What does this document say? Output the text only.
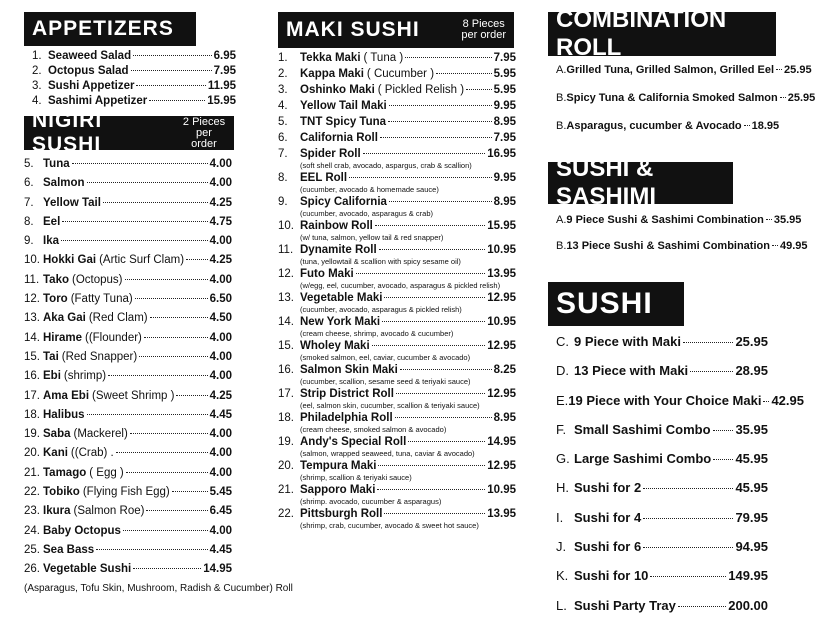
APPETIZERS
1. Seaweed Salad	6.95
2. Octopus Salad	7.95
3. Sushi Appetizer	11.95
4. Sashimi Appetizer	15.95
NIGIRI SUSHI
2 Pieces
per order
5. Tuna	4.00
6. Salmon	4.00
7. Yellow Tail	4.25
8. Eel	4.75
9. Ika	4.00
10. Hokki Gai (Artic Surf Clam) 4.25
11. Tako (Octopus)	4.00
12. Toro (Fatty Tuna)	6.50
13. Aka Gai (Red Clam)	4.50
14. Hirame ((Flounder)	4.00
15. Tai (Red Snapper)	4.00
16. Ebi (shrimp)	4.00
17. Ama Ebi (Sweet Shrimp )	4.25
18. Halibus	4.45
19. Saba (Mackerel)	4.00
20. Kani ((Crab) .	4.00
21. Tamago ( Egg )	4.00
22. Tobiko (Flying Fish Egg)	5.45
23. Ikura (Salmon Roe)	6.45
24. Baby Octopus	4.00
25. Sea Bass	4.45
26. Vegetable Sushi	14.95
(Asparagus, Tofu Skin, Mushroom, Radish & Cucumber) Roll
MAKI SUSHI	8 Pieces
per order
1.	Tekka Maki ( Tuna )	7.95
2.	Kappa Maki ( Cucumber )	5.95
3.	Oshinko Maki ( Pickled Relish )	5.95
4.	Yellow Tail Maki	9.95
5.	TNT Spicy Tuna	8.95
6.	California Roll	7.95
7.	Spider Roll	16.95
(soft shell crab, avocado, aspargus, crab & scallion)
8.	EEL Roll	9.95
(cucumber, avocado & homemade sauce)
9.	Spicy California	8.95
(cucumber, avocado, asparagus & crab)
10. Rainbow Roll	15.95
(w/ tuna, salmon, yellow tail & red snapper)
11. Dynamite Roll	10.95
(tuna, yellowtail & scallion with spicy sesame oil)
12. Futo Maki	13.95
(w/egg, eel, cucumber, avocado, asparagus & pickled relish)
13. Vegetable Maki	12.95
(cucumber, avocado, asparagus & pickled relish)
14. New York Maki	10.95
(cream cheese, shrimp, avocado & cucumber)
15. Wholey Maki	12.95
(smoked salmon, eel, caviar, cucumber & avocado)
16. Salmon Skin Maki	8.25
(cucumber, scallion, sesame seed & teriyaki sauce)
17. Strip District Roll	12.95
(eel, salmon skin, cucumber, scallion & teriyaki sauce)
18. Philadelphia Roll	8.95
(cream cheese, smoked salmon & avocado)
19. Andy's Special Roll	14.95
(salmon, wrapped seaweed, tuna, caviar & avocado)
20. Tempura Maki	12.95
(shrimp, scallion & teriyaki sauce)
21. Sapporo Maki	10.95
(shrimp. avocado, cucumber & asparagus)
22. Pittsburgh Roll	13.95
(shrimp, crab, cucumber, avocado & sweet hot sauce)
COMBINATION ROLL
A. Grilled Tuna, Grilled Salmon, Grilled Eel 25.95
B. Spicy Tuna & California Smoked Salmon 25.95
B. Asparagus, cucumber & Avocado 18.95
SUSHI & SASHIMI
A. 9 Piece Sushi & Sashimi Combination 35.95
B. 13 Piece Sushi & Sashimi Combination 49.95
SUSHI
C. 9 Piece with Maki	25.95
D. 13 Piece with Maki	28.95
E. 19 Piece with Your Choice Maki 42.95
F. Small Sashimi Combo 35.95
G. Large Sashimi Combo 45.95
H. Sushi for 2	45.95
I. Sushi for 4	79.95
J. Sushi for 6	94.95
K. Sushi for 10	149.95
L. Sushi Party Tray	200.00
